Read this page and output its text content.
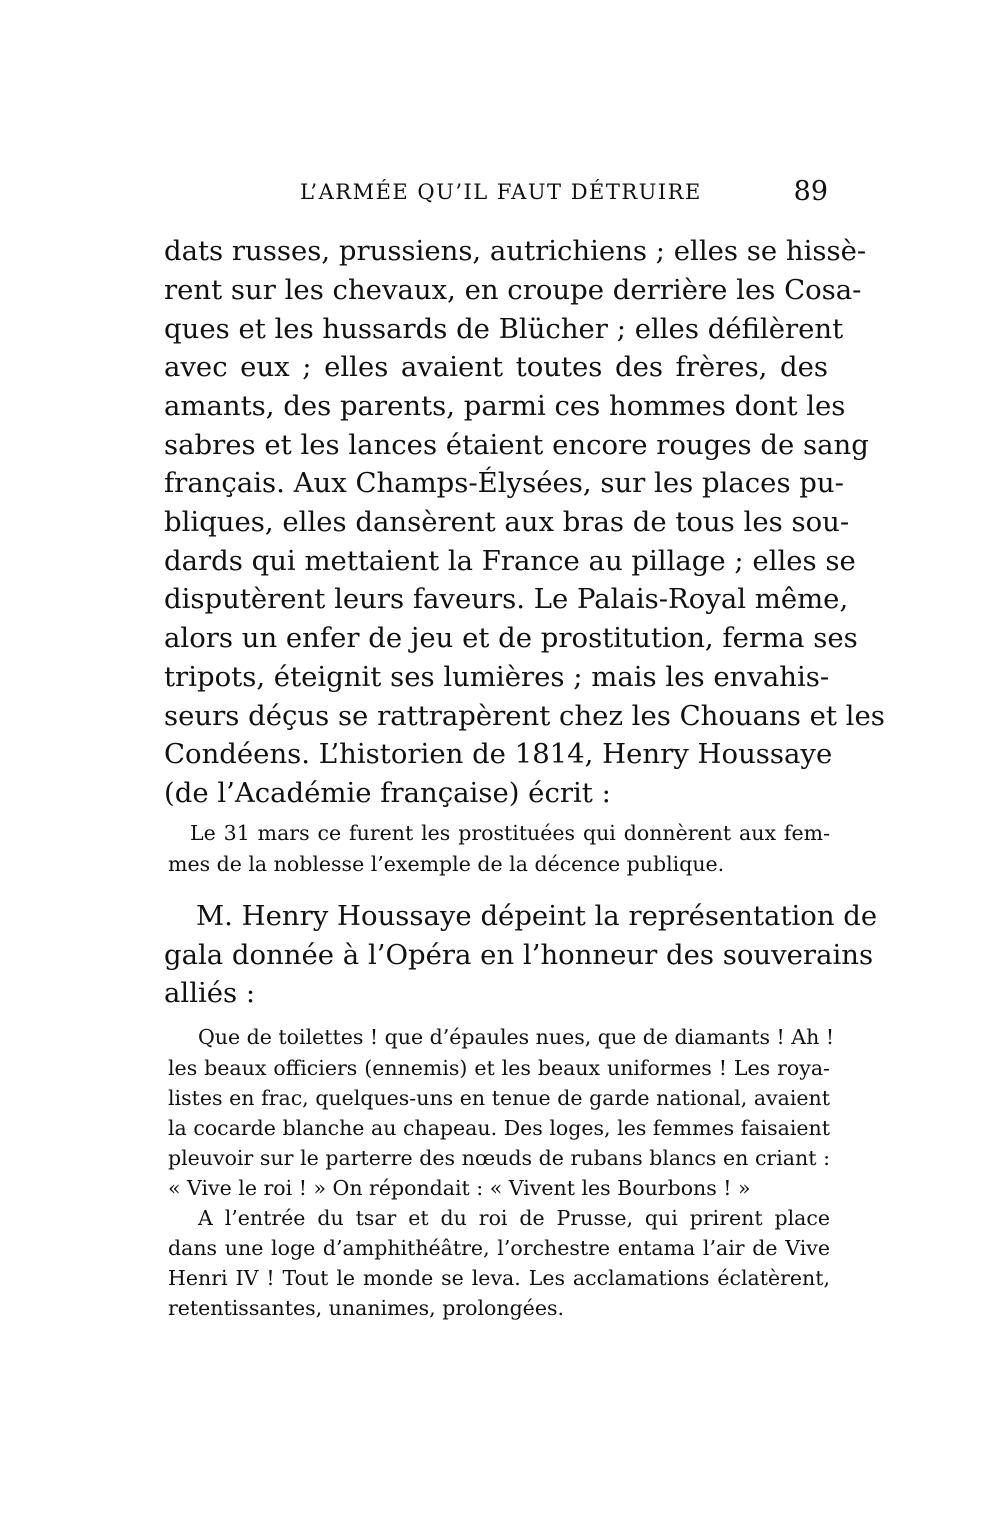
L’ARMÉE QU’IL FAUT DÉTRUIRE	89
dats russes, prussiens, autrichiens ; elles se hissè-
rent sur les chevaux, en croupe derrière les Cosa-
ques et les hussards de Blücher ; elles défilèrent
avec eux ; elles avaient toutes des frères, des
amants, des parents, parmi ces hommes dont les
sabres et les lances étaient encore rouges de sang
français. Aux Champs-Élysées, sur les places pu-
bliques, elles dansèrent aux bras de tous les sou-
dards qui mettaient la France au pillage ; elles se
disputèrent leurs faveurs. Le Palais-Royal même,
alors un enfer de jeu et de prostitution, ferma ses
tripots, éteignit ses lumières ; mais les envahis-
seurs déçus se rattrapèrent chez les Chouans et les
Condéens. L’historien de 1814, Henry Houssaye
(de l’Académie française) écrit :
Le 31 mars ce furent les prostituées qui donnèrent aux fem-
mes de la noblesse l’exemple de la décence publique.
M. Henry Houssaye dépeint la représentation de
gala donnée à l’Opéra en l’honneur des souverains
alliés :
Que de toilettes ! que d’épaules nues, que de diamants ! Ah !
les beaux officiers (ennemis) et les beaux uniformes ! Les roya-
listes en frac, quelques-uns en tenue de garde national, avaient
la cocarde blanche au chapeau. Des loges, les femmes faisaient
pleuvoir sur le parterre des nœuds de rubans blancs en criant :
« Vive le roi ! » On répondait : « Vivent les Bourbons ! »
A l’entrée du tsar et du roi de Prusse, qui prirent place
dans une loge d’amphithéâtre, l’orchestre entama l’air de Vive
Henri IV ! Tout le monde se leva. Les acclamations éclatèrent,
retentissantes, unanimes, prolongées.
